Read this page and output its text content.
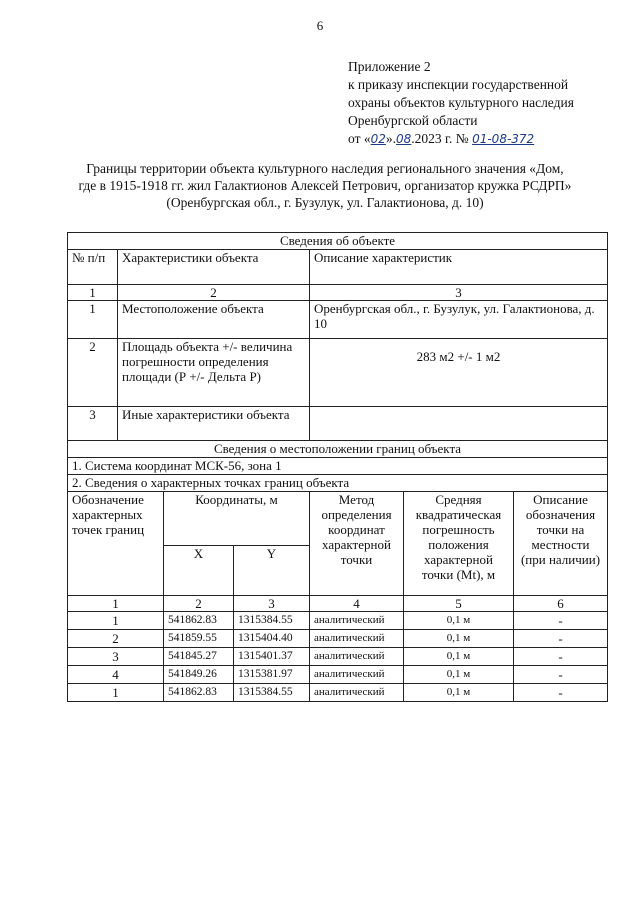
6
Приложение 2
к приказу инспекции государственной
охраны объектов культурного наследия
Оренбургской области
от «02».08.2023 г. № 01-08-372
Границы территории объекта культурного наследия регионального значения «Дом,
где в 1915-1918 гг. жил Галактионов Алексей Петрович, организатор кружка РСДРП»
(Оренбургская обл., г. Бузулук, ул. Галактионова, д. 10)
Сведения об объекте		
№ п/п	Характеристики объекта	Описание характеристик
1	2	3
1	Местоположение объекта	Оренбургская обл., г. Бузулук, ул. Галактионова, д. 10
2	Площадь объекта +/- величина погрешности определения площади (Р +/- Дельта Р)	283 м2 +/- 1 м2
3	Иные характеристики объекта	
Сведения о местоположении границ объекта					
1. Система координат МСК-56, зона 1					
2. Сведения о характерных точках границ объекта					
Обозначение характерных точек границ	Координаты, м		Метод определения координат характерной точки	Средняя квадратическая погрешность положения характерной точки (Mt), м	Описание обозначения точки на местности (при наличии)
	X	Y			
1	2	3	4	5	6
1	541862.83	1315384.55	аналитический	0,1 м	-
2	541859.55	1315404.40	аналитический	0,1 м	-
3	541845.27	1315401.37	аналитический	0,1 м	-
4	541849.26	1315381.97	аналитический	0,1 м	-
1	541862.83	1315384.55	аналитический	0,1 м	-
